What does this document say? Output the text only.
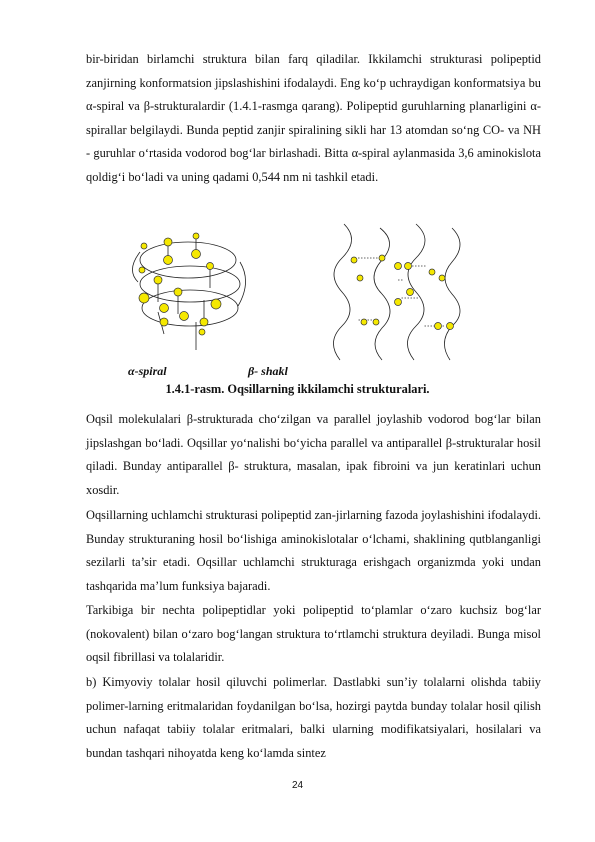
bir-biridan birlamchi struktura bilan farq qiladilar. Ikkilamchi strukturasi polipeptid zanjirning konformatsion jipslashishini ifodalaydi. Eng ko‘p uchraydigan konformatsiya bu α-spiral va β-strukturalardir (1.4.1-rasmga qarang). Polipeptid guruhlarning planarligini α-spirallar belgilaydi. Bunda peptid zanjir spiralining sikli har 13 atomdan so‘ng CO- va NH - guruhlar o‘rtasida vodorod bog‘lar birlashadi. Bitta α-spiral aylanmasida 3,6 aminokislota qoldig‘i bo‘ladi va uning qadami 0,544 nm ni tashkil etadi.

α-spiral	β- shakl
1.4.1-rasm. Oqsillarning ikkilamchi strukturalari.

Oqsil molekulalari β-strukturada cho‘zilgan va parallel joylashib vodorod bog‘lar bilan jipslashgan bo‘ladi. Oqsillar yo‘nalishi bo‘yicha parallel va antiparallel β-strukturalar hosil qiladi. Bunday antiparallel β- struktura, masalan, ipak fibroini va jun keratinlari uchun xosdir.

Oqsillarning uchlamchi strukturasi polipeptid zan-jirlarning fazoda joylashishini ifodalaydi. Bunday strukturaning hosil bo‘lishiga aminokislotalar o‘lchami, shaklining qutblanganligi sezilarli ta’sir etadi. Oqsillar uchlamchi strukturaga erishgach organizmda yoki undan tashqarida ma’lum funksiya bajaradi.

Tarkibiga bir nechta polipeptidlar yoki polipeptid to‘plamlar o‘zaro kuchsiz bog‘lar (nokovalent) bilan o‘zaro bog‘langan struktura to‘rtlamchi struktura deyiladi. Bunga misol oqsil fibrillasi va tolalaridir.

b) Kimyoviy tolalar hosil qiluvchi polimerlar. Dastlabki sun’iy tolalarni olishda tabiiy polimer-larning eritmalaridan foydanilgan bo‘lsa, hozirgi paytda bunday tolalar hosil qilish uchun nafaqat tabiiy tolalar eritmalari, balki ularning modifikatsiyalari, hosilalari va bundan tashqari nihoyatda keng ko‘lamda sintez

24
